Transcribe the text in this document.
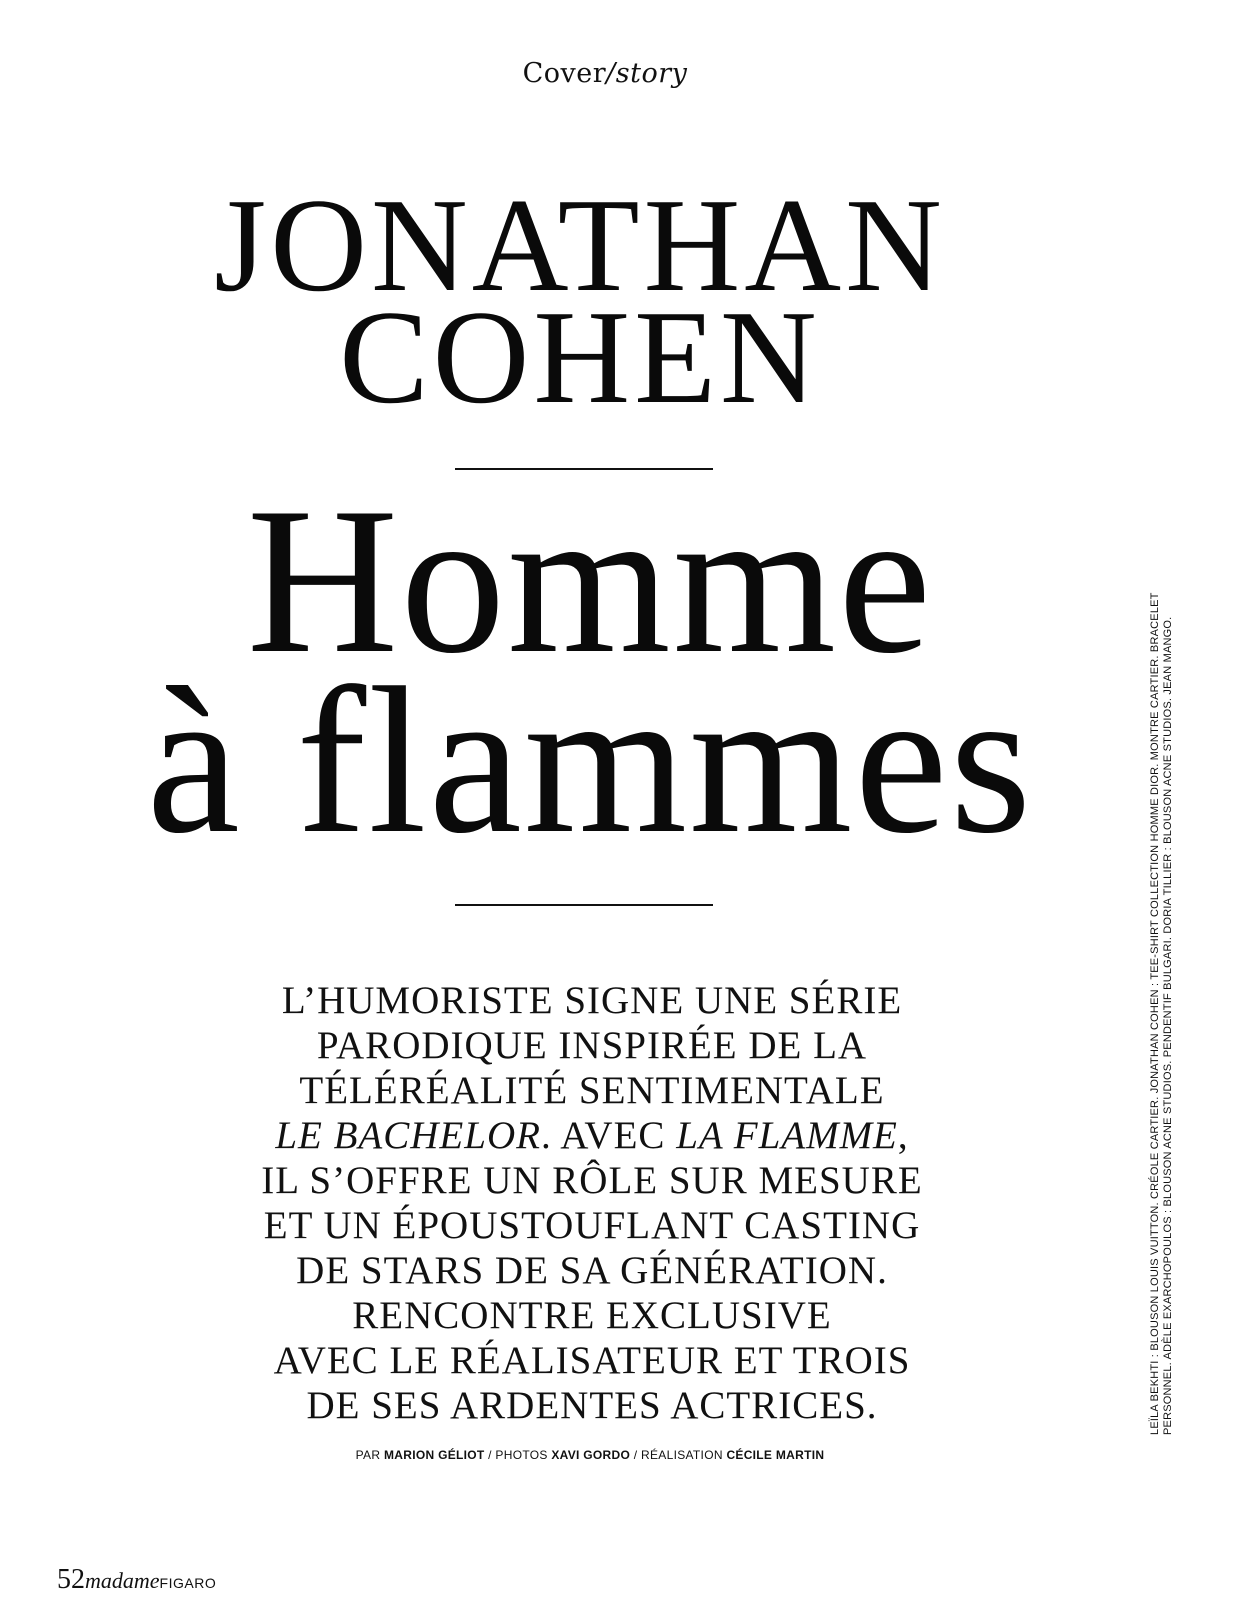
Cover/story
JONATHAN
COHEN
Homme
à flammes
L’HUMORISTE SIGNE UNE SÉRIE
PARODIQUE INSPIRÉE DE LA
TÉLÉRÉALITÉ SENTIMENTALE
LE BACHELOR. AVEC LA FLAMME,
IL S’OFFRE UN RÔLE SUR MESURE
ET UN ÉPOUSTOUFLANT CASTING
DE STARS DE SA GÉNÉRATION.
RENCONTRE EXCLUSIVE
AVEC LE RÉALISATEUR ET TROIS
DE SES ARDENTES ACTRICES.
PAR MARION GÉLIOT / PHOTOS XAVI GORDO / RÉALISATION CÉCILE MARTIN
52madameFIGARO
LEÏLA BEKHTI : BLOUSON LOUIS VUITTON. CRÉOLE CARTIER. JONATHAN COHEN : TEE-SHIRT COLLECTION HOMME DIOR. MONTRE CARTIER. BRACELET PERSONNEL. ADÈLE EXARCHOPOULOS : BLOUSON ACNE STUDIOS. PENDENTIF BULGARI. DORIA TILLIER : BLOUSON ACNE STUDIOS. JEAN MANGO.
